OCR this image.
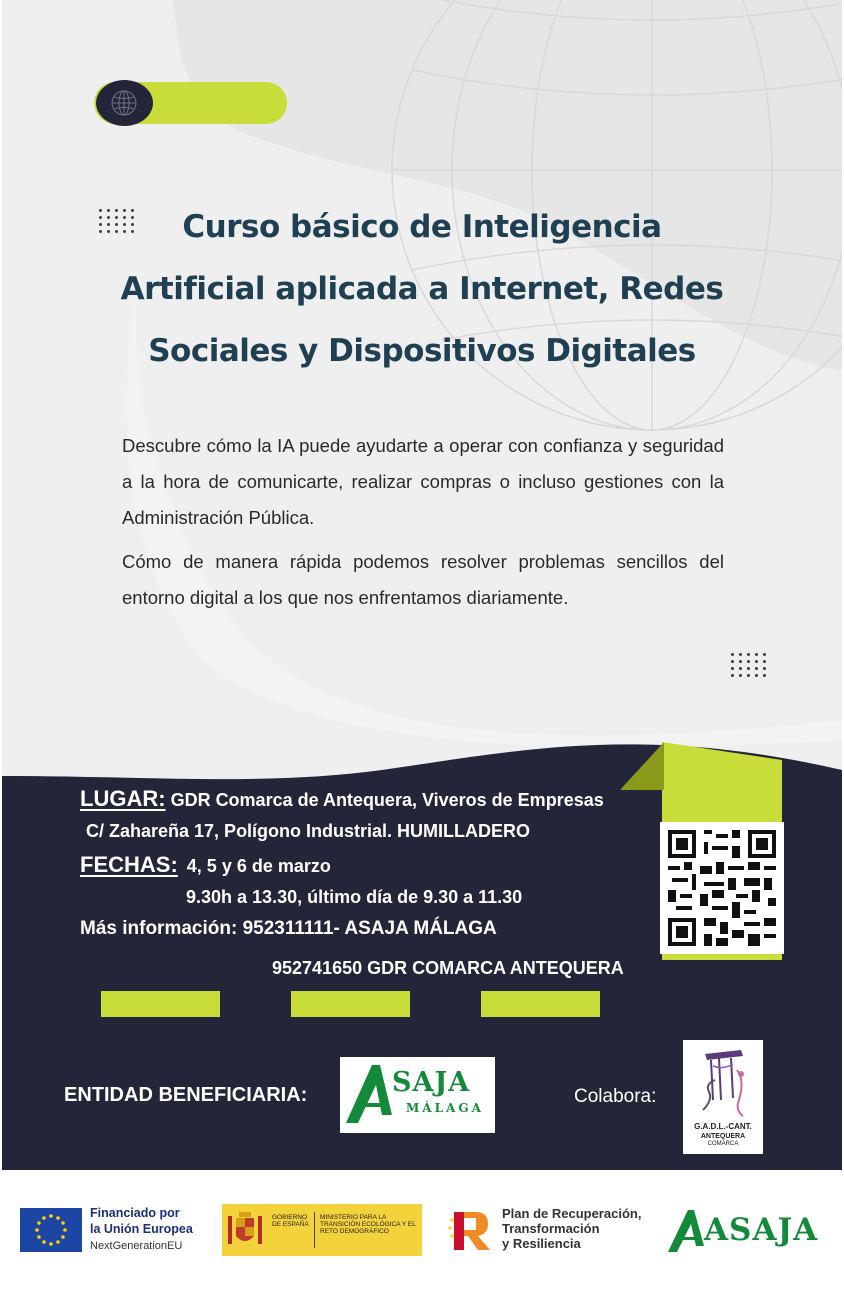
Curso básico de Inteligencia
Artificial aplicada a Internet, Redes
Sociales y Dispositivos Digitales

Descubre cómo la IA puede ayudarte a operar con confianza y seguridad a la hora de comunicarte, realizar compras o incluso gestiones con la Administración Pública.

Cómo de manera rápida podemos resolver problemas sencillos del entorno digital a los que nos enfrentamos diariamente.

LUGAR: GDR Comarca de Antequera, Viveros de Empresas
C/ Zahareña 17, Polígono Industrial. HUMILLADERO
FECHAS: 4, 5 y 6 de marzo
9.30h a 13.30, último día de 9.30 a 11.30
Más información: 952311111- ASAJA MÁLAGA
952741650 GDR COMARCA ANTEQUERA
ENTIDAD BENEFICIARIA:	SAJA
MÁLAGA
Colabora:
G.A.D.L.-CANT.
ANTEQUERA
COMARCA
Financiado por
la Unión Europea
NextGenerationEU
GOBIERNO DE ESPAÑA
MINISTERIO PARA LA TRANSICIÓN ECOLÓGICA Y EL RETO DEMOGRÁFICO
Plan de Recuperación,
Transformación
y Resiliencia	ASAJA
